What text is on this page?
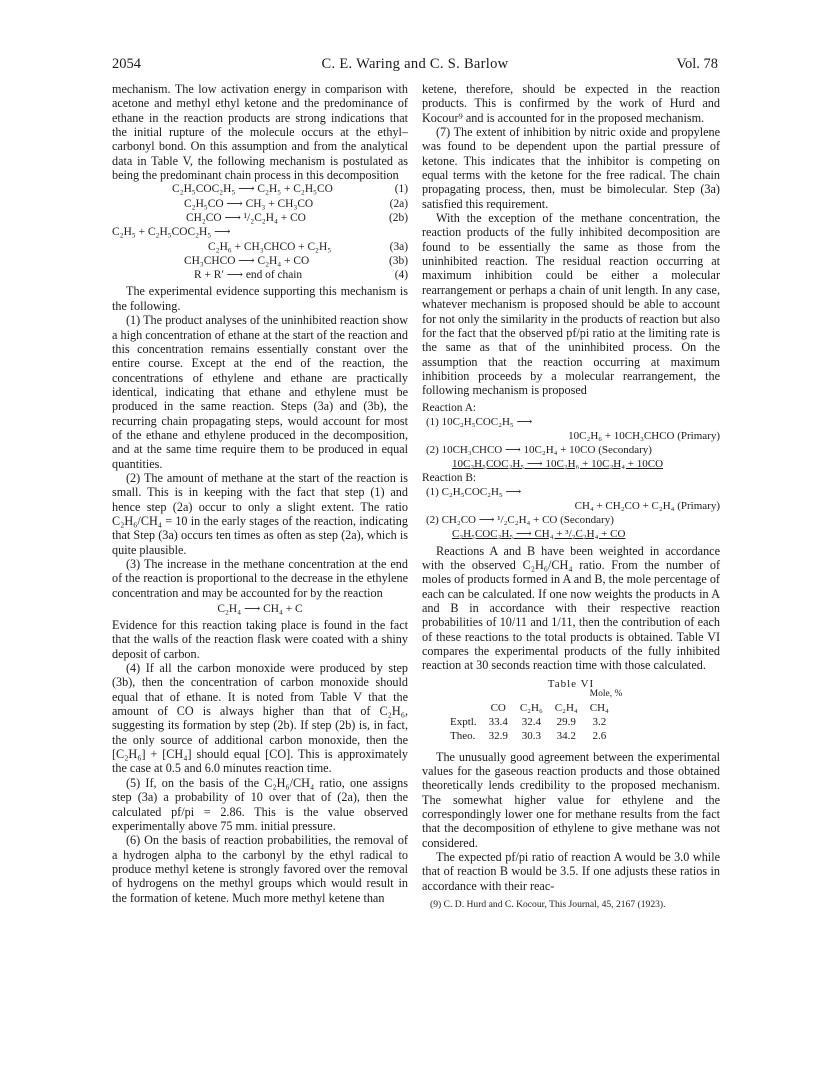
2054	C. E. Waring and C. S. Barlow	Vol. 78

mechanism. The low activation energy in comparison with acetone and methyl ethyl ketone and the predominance of ethane in the reaction products are strong indications that the initial rupture of the molecule occurs at the ethyl–carbonyl bond. On this assumption and from the analytical data in Table V, the following mechanism is postulated as being the predominant chain process in this decomposition

C₂H₅COC₂H₅ ⟶ C₂H₅ + C₂H₅CO	(1)
C₂H₅CO ⟶ CH₃ + CH₃CO	(2a)
CH₂CO ⟶ ¹/₂C₂H₄ + CO	(2b)
C₂H₅ + C₂H₅COC₂H₅ ⟶
C₂H₆ + CH₃CHCO + C₂H₅	(3a)
CH₃CHCO ⟶ C₂H₄ + CO	(3b)
R + R′ ⟶ end of chain	(4)

The experimental evidence supporting this mechanism is the following.

(1) The product analyses of the uninhibited reaction show a high concentration of ethane at the start of the reaction and this concentration remains essentially constant over the entire course. Except at the end of the reaction, the concentrations of ethylene and ethane are practically identical, indicating that ethane and ethylene must be produced in the same reaction. Steps (3a) and (3b), the recurring chain propagating steps, would account for most of the ethane and ethylene produced in the decomposition, and at the same time require them to be produced in equal quantities.

(2) The amount of methane at the start of the reaction is small. This is in keeping with the fact that step (1) and hence step (2a) occur to only a slight extent. The ratio C₂H₆/CH₄ = 10 in the early stages of the reaction, indicating that Step (3a) occurs ten times as often as step (2a), which is quite plausible.

(3) The increase in the methane concentration at the end of the reaction is proportional to the decrease in the ethylene concentration and may be accounted for by the reaction

C₂H₄ ⟶ CH₄ + C

Evidence for this reaction taking place is found in the fact that the walls of the reaction flask were coated with a shiny deposit of carbon.

(4) If all the carbon monoxide were produced by step (3b), then the concentration of carbon monoxide should equal that of ethane. It is noted from Table V that the amount of CO is always higher than that of C₂H₆, suggesting its formation by step (2b). If step (2b) is, in fact, the only source of additional carbon monoxide, then the [C₂H₆] + [CH₄] should equal [CO]. This is approximately the case at 0.5 and 6.0 minutes reaction time.

(5) If, on the basis of the C₂H₆/CH₄ ratio, one assigns step (3a) a probability of 10 over that of (2a), then the calculated pf/pi = 2.86. This is the value observed experimentally above 75 mm. initial pressure.

(6) On the basis of reaction probabilities, the removal of a hydrogen alpha to the carbonyl by the ethyl radical to produce methyl ketene is strongly favored over the removal of hydrogens on the methyl groups which would result in the formation of ketene. Much more methyl ketene than

ketene, therefore, should be expected in the reaction products. This is confirmed by the work of Hurd and Kocour⁹ and is accounted for in the proposed mechanism.

(7) The extent of inhibition by nitric oxide and propylene was found to be dependent upon the partial pressure of ketone. This indicates that the inhibitor is competing on equal terms with the ketone for the free radical. The chain propagating process, then, must be bimolecular. Step (3a) satisfied this requirement.

With the exception of the methane concentration, the reaction products of the fully inhibited decomposition are found to be essentially the same as those from the uninhibited reaction. The residual reaction occurring at maximum inhibition could be either a molecular rearrangement or perhaps a chain of unit length. In any case, whatever mechanism is proposed should be able to account for not only the similarity in the products of reaction but also for the fact that the observed pf/pi ratio at the limiting rate is the same as that of the uninhibited process. On the assumption that the reaction occurring at maximum inhibition proceeds by a molecular rearrangement, the following mechanism is proposed

Reaction A:
(1) 10C₂H₅COC₂H₅ ⟶
10C₂H₆ + 10CH₃CHCO (Primary)
(2) 10CH₃CHCO ⟶ 10C₂H₄ + 10CO (Secondary)
10C₂H₅COC₂H₅ ⟶ 10C₂H₆ + 10C₂H₄ + 10CO
Reaction B:
(1) C₂H₅COC₂H₅ ⟶
CH₄ + CH₂CO + C₂H₄ (Primary)
(2) CH₂CO ⟶ ¹/₂C₂H₄ + CO (Secondary)
C₂H₅COC₂H₅ ⟶ CH₄ + ³/₂C₂H₄ + CO

Reactions A and B have been weighted in accordance with the observed C₂H₆/CH₄ ratio. From the number of moles of products formed in A and B, the mole percentage of each can be calculated. If one now weights the products in A and B in accordance with their respective reaction probabilities of 10/11 and 1/11, then the contribution of each of these reactions to the total products is obtained. Table VI compares the experimental products of the fully inhibited reaction at 30 seconds reaction time with those calculated.

Table VI
Mole, %
	CO	C₂H₆	C₂H₄	CH₄
Exptl.	33.4	32.4	29.9	3.2
Theo.	32.9	30.3	34.2	2.6

The unusually good agreement between the experimental values for the gaseous reaction products and those obtained theoretically lends credibility to the proposed mechanism. The somewhat higher value for ethylene and the correspondingly lower one for methane results from the fact that the decomposition of ethylene to give methane was not considered.

The expected pf/pi ratio of reaction A would be 3.0 while that of reaction B would be 3.5. If one adjusts these ratios in accordance with their reac-

(9) C. D. Hurd and C. Kocour, This Journal, 45, 2167 (1923).
